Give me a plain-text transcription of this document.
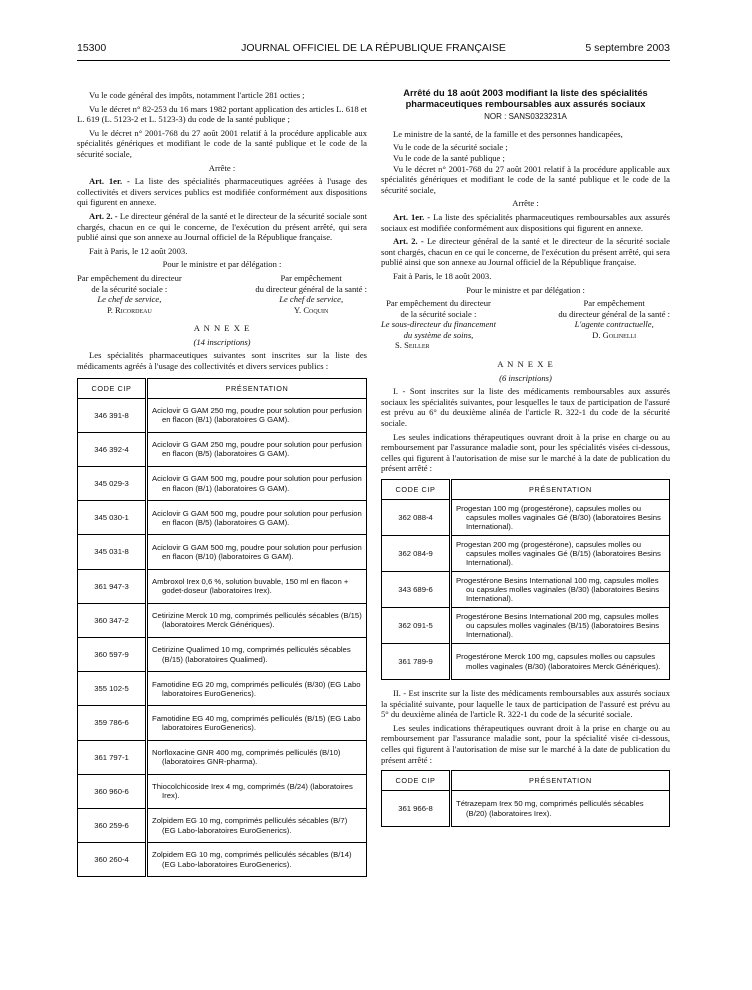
15300	JOURNAL OFFICIEL DE LA RÉPUBLIQUE FRANÇAISE	5 septembre 2003

Vu le code général des impôts, notamment l'article 281 octies ;

Vu le décret n° 82-253 du 16 mars 1982 portant application des articles L. 618 et L. 619 (L. 5123-2 et L. 5123-3) du code de la santé publique ;

Vu le décret n° 2001-768 du 27 août 2001 relatif à la procédure applicable aux spécialités génériques et modifiant le code de la santé publique et le code de la sécurité sociale,

Arrête :

Art. 1er. - La liste des spécialités pharmaceutiques agréées à l'usage des collectivités et divers services publics est modifiée conformément aux dispositions qui figurent en annexe.

Art. 2. - Le directeur général de la santé et le directeur de la sécurité sociale sont chargés, chacun en ce qui le concerne, de l'exécution du présent arrêté, qui sera publié ainsi que son annexe au Journal officiel de la République française.

Fait à Paris, le 12 août 2003.

Pour le ministre et par délégation :

Par empêchement du directeur
de la sécurité sociale :
Le chef de service,
P. Ricordeau
Par empêchement
du directeur général de la santé :
Le chef de service,
Y. Coquin

A N N E X E

(14 inscriptions)

Les spécialités pharmaceutiques suivantes sont inscrites sur la liste des médicaments agréés à l'usage des collectivités et divers services publics :

CODE CIP	PRÉSENTATION
346 391-8	Aciclovir G GAM 250 mg, poudre pour solution pour perfusion en flacon (B/1) (laboratoires G GAM).

346 392-4	Aciclovir G GAM 250 mg, poudre pour solution pour perfusion en flacon (B/5) (laboratoires G GAM).

345 029-3	Aciclovir G GAM 500 mg, poudre pour solution pour perfusion en flacon (B/1) (laboratoires G GAM).

345 030-1	Aciclovir G GAM 500 mg, poudre pour solution pour perfusion en flacon (B/5) (laboratoires G GAM).

345 031-8	Aciclovir G GAM 500 mg, poudre pour solution pour perfusion en flacon (B/10) (laboratoires G GAM).

361 947-3	Ambroxol Irex 0,6 %, solution buvable, 150 ml en flacon + godet-doseur (laboratoires Irex).

360 347-2	Cetirizine Merck 10 mg, comprimés pelliculés sécables (B/15) (laboratoires Merck Génériques).

360 597-9	Cetirizine Qualimed 10 mg, comprimés pelliculés sécables (B/15) (laboratoires Qualimed).

355 102-5	Famotidine EG 20 mg, comprimés pelliculés (B/30) (EG Labo laboratoires EuroGenerics).

359 786-6	Famotidine EG 40 mg, comprimés pelliculés (B/15) (EG Labo laboratoires EuroGenerics).

361 797-1	Norfloxacine GNR 400 mg, comprimés pelliculés (B/10) (laboratoires GNR-pharma).

360 960-6	Thiocolchicoside Irex 4 mg, comprimés (B/24) (laboratoires Irex).

360 259-6	Zolpidem EG 10 mg, comprimés pelliculés sécables (B/7) (EG Labo-laboratoires EuroGenerics).

360 260-4	Zolpidem EG 10 mg, comprimés pelliculés sécables (B/14) (EG Labo-laboratoires EuroGenerics).

Arrêté du 18 août 2003 modifiant la liste des spécialités pharmaceutiques remboursables aux assurés sociaux

NOR : SANS0323231A

Le ministre de la santé, de la famille et des personnes handicapées,

Vu le code de la sécurité sociale ;

Vu le code de la santé publique ;

Vu le décret n° 2001-768 du 27 août 2001 relatif à la procédure applicable aux spécialités génériques et modifiant le code de la santé publique et le code de la sécurité sociale,

Arrête :

Art. 1er. - La liste des spécialités pharmaceutiques remboursables aux assurés sociaux est modifiée conformément aux dispositions qui figurent en annexe.

Art. 2. - Le directeur général de la santé et le directeur de la sécurité sociale sont chargés, chacun en ce qui le concerne, de l'exécution du présent arrêté, qui sera publié ainsi que son annexe au Journal officiel de la République française.

Fait à Paris, le 18 août 2003.

Pour le ministre et par délégation :

Par empêchement du directeur
de la sécurité sociale :
Le sous-directeur du financement
du système de soins,
S. Seiller
Par empêchement
du directeur général de la santé :
L'agente contractuelle,
D. Golinelli

A N N E X E

(6 inscriptions)

I. - Sont inscrites sur la liste des médicaments remboursables aux assurés sociaux les spécialités suivantes, pour lesquelles le taux de participation de l'assuré est prévu au 6° du deuxième alinéa de l'article R. 322-1 du code de la sécurité sociale.

Les seules indications thérapeutiques ouvrant droit à la prise en charge ou au remboursement par l'assurance maladie sont, pour les spécialités visées ci-dessous, celles qui figurent à l'autorisation de mise sur le marché à la date de publication du présent arrêté :

CODE CIP	PRÉSENTATION
362 088-4	Progestan 100 mg (progestérone), capsules molles ou capsules molles vaginales Gé (B/30) (laboratoires Besins International).

362 084-9	Progestan 200 mg (progestérone), capsules molles ou capsules molles vaginales Gé (B/15) (laboratoires Besins International).

343 689-6	Progestérone Besins International 100 mg, capsules molles ou capsules molles vaginales (B/30) (laboratoires Besins International).

362 091-5	Progestérone Besins International 200 mg, capsules molles ou capsules molles vaginales (B/15) (laboratoires Besins International).

361 789-9	Progestérone Merck 100 mg, capsules molles ou capsules molles vaginales (B/30) (laboratoires Merck Génériques).

II. - Est inscrite sur la liste des médicaments remboursables aux assurés sociaux la spécialité suivante, pour laquelle le taux de participation de l'assuré est prévu au 5° du deuxième alinéa de l'article R. 322-1 du code de la sécurité sociale.

Les seules indications thérapeutiques ouvrant droit à la prise en charge ou au remboursement par l'assurance maladie sont, pour la spécialité visée ci-dessous, celles qui figurent à l'autorisation de mise sur le marché à la date de publication du présent arrêté :

CODE CIP	PRÉSENTATION
361 966-8	Tétrazepam Irex 50 mg, comprimés pelliculés sécables (B/20) (laboratoires Irex).
